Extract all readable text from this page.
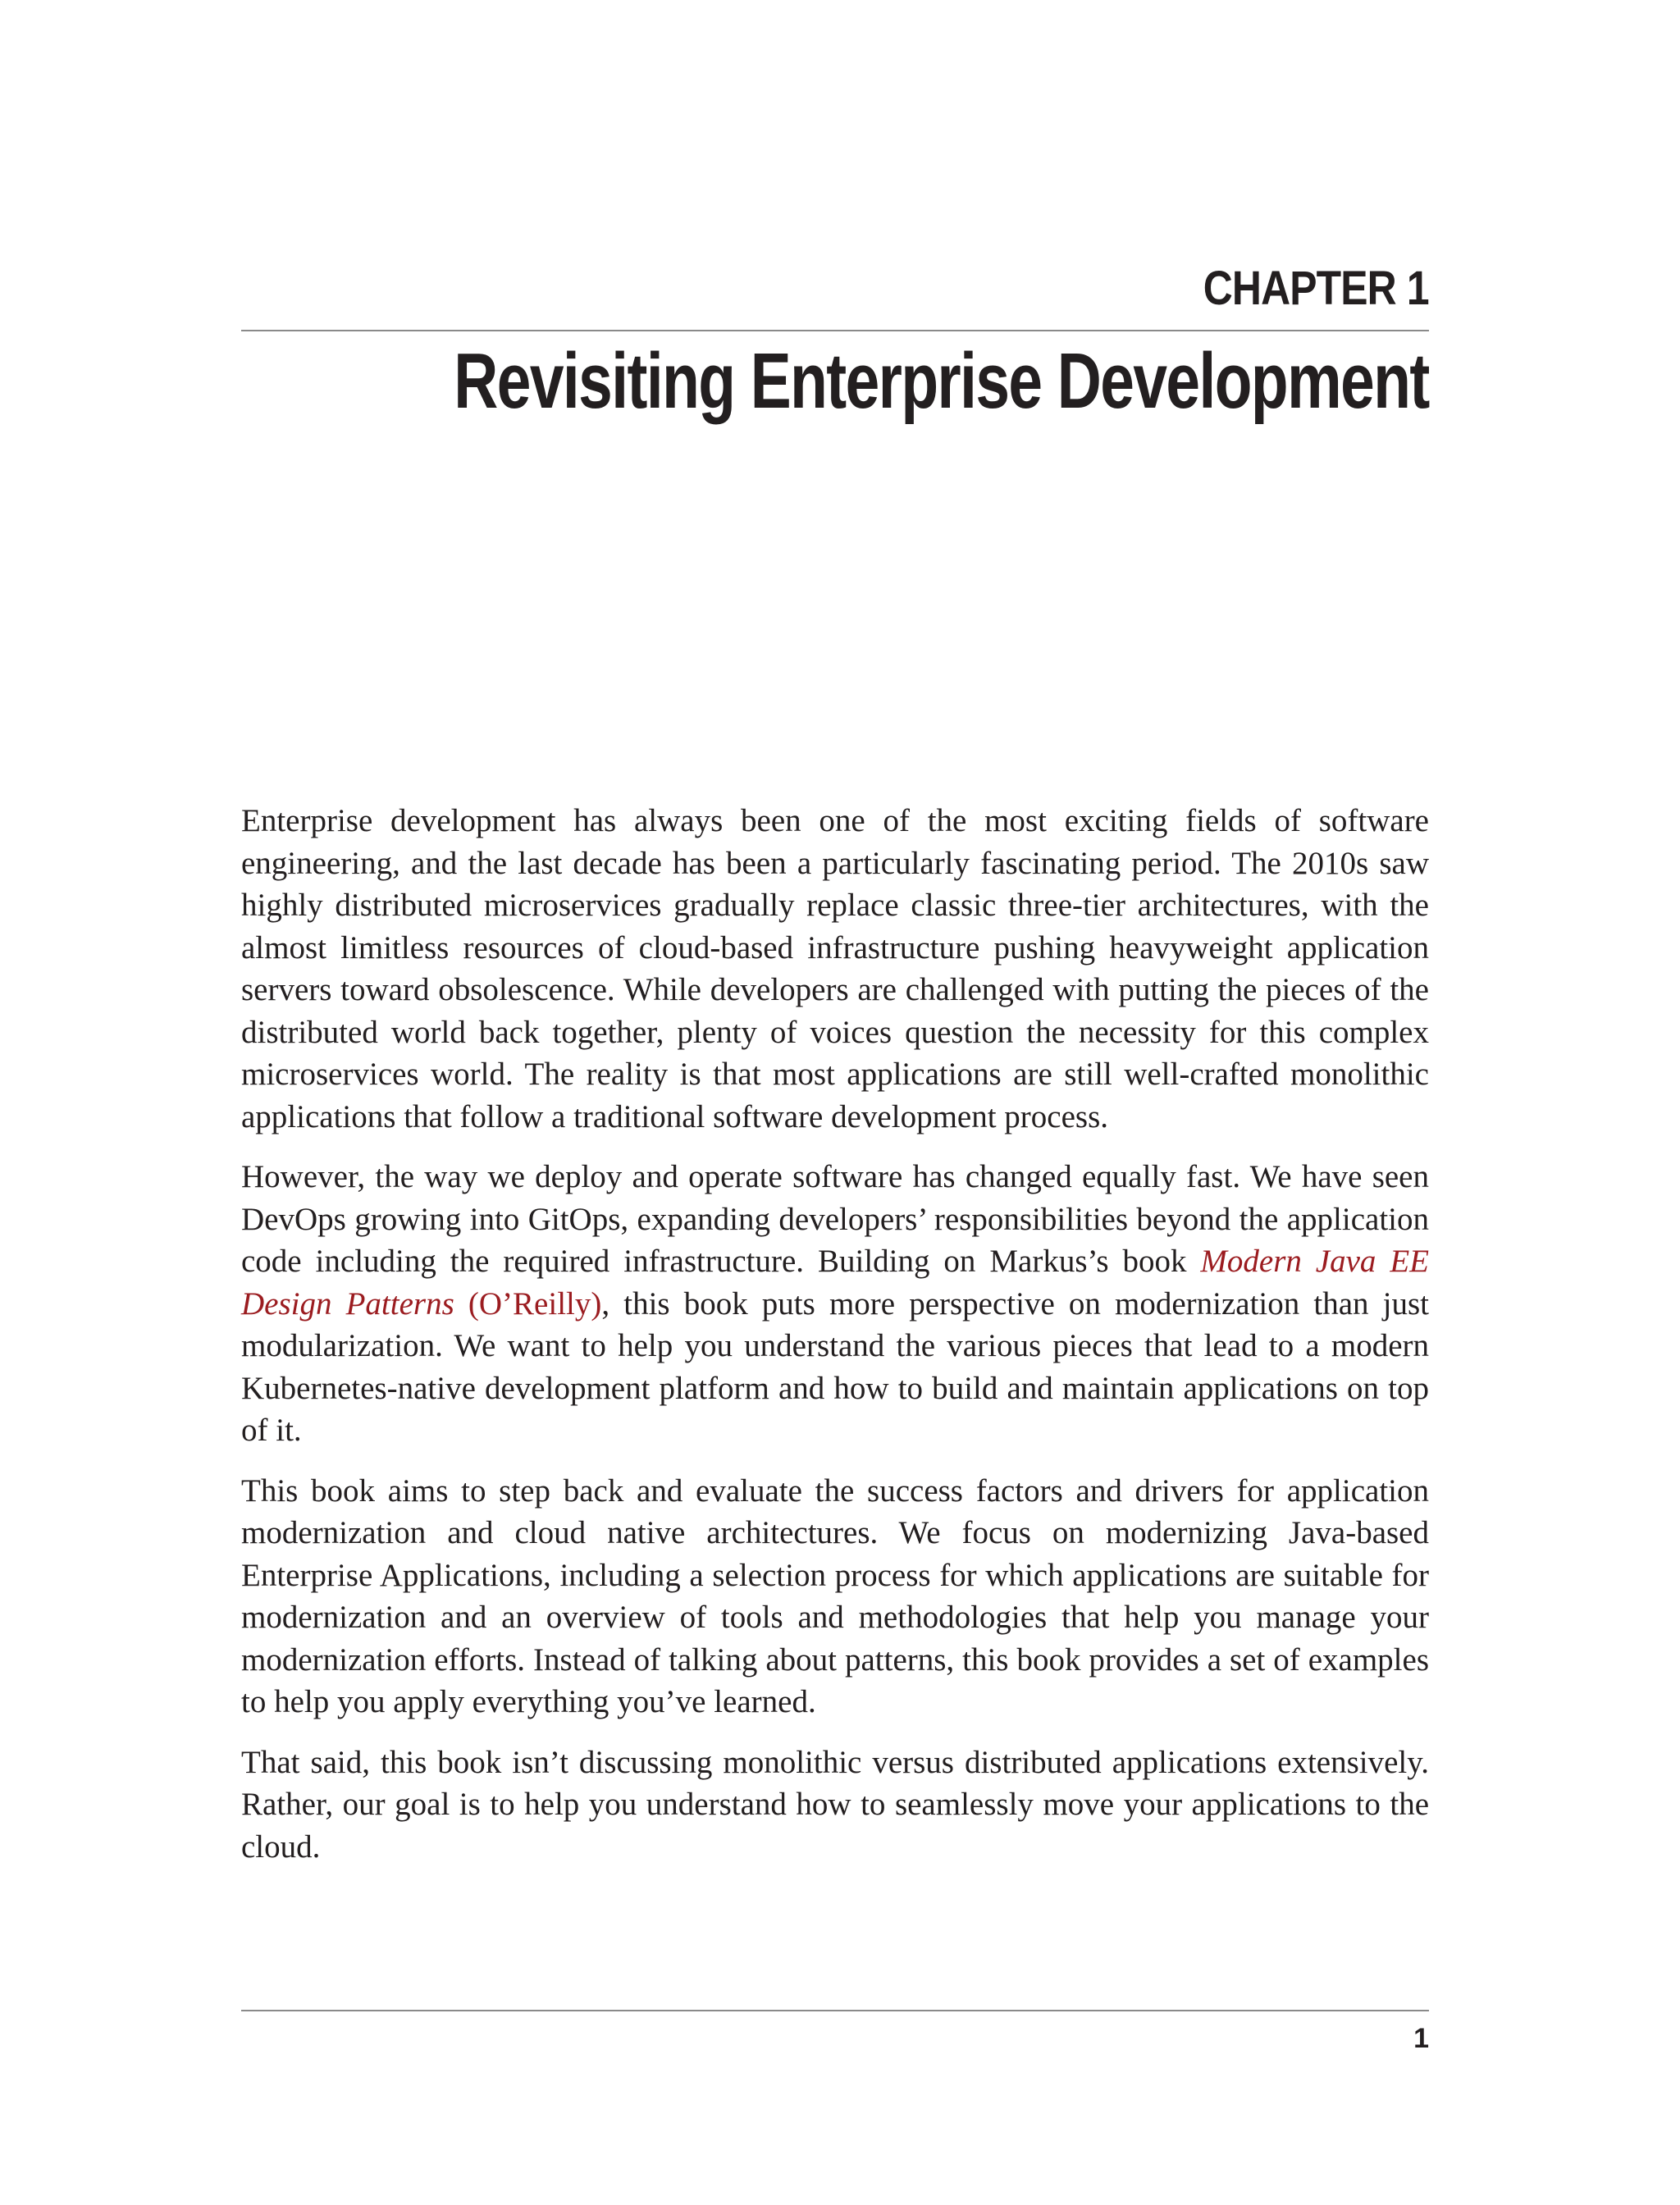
CHAPTER 1
Revisiting Enterprise Development

Enterprise development has always been one of the most exciting fields of software engineering, and the last decade has been a particularly fascinating period. The 2010s saw highly distributed microservices gradually replace classic three-tier architectures, with the almost limitless resources of cloud-based infrastructure pushing heavyweight application servers toward obsolescence. While developers are challenged with putting the pieces of the distributed world back together, plenty of voices question the necessity for this complex microservices world. The reality is that most applications are still well-crafted monolithic applications that follow a traditional software development process.

However, the way we deploy and operate software has changed equally fast. We have seen DevOps growing into GitOps, expanding developers’ responsibilities beyond the application code including the required infrastructure. Building on Markus’s book Modern Java EE Design Patterns (O’Reilly), this book puts more perspective on modernization than just modularization. We want to help you understand the various pieces that lead to a modern Kubernetes-native development platform and how to build and maintain applications on top of it.

This book aims to step back and evaluate the success factors and drivers for application modernization and cloud native architectures. We focus on modernizing Java-based Enterprise Applications, including a selection process for which applications are suitable for modernization and an overview of tools and methodologies that help you manage your modernization efforts. Instead of talking about patterns, this book provides a set of examples to help you apply everything you’ve learned.

That said, this book isn’t discussing monolithic versus distributed applications extensively. Rather, our goal is to help you understand how to seamlessly move your applications to the cloud.

1
